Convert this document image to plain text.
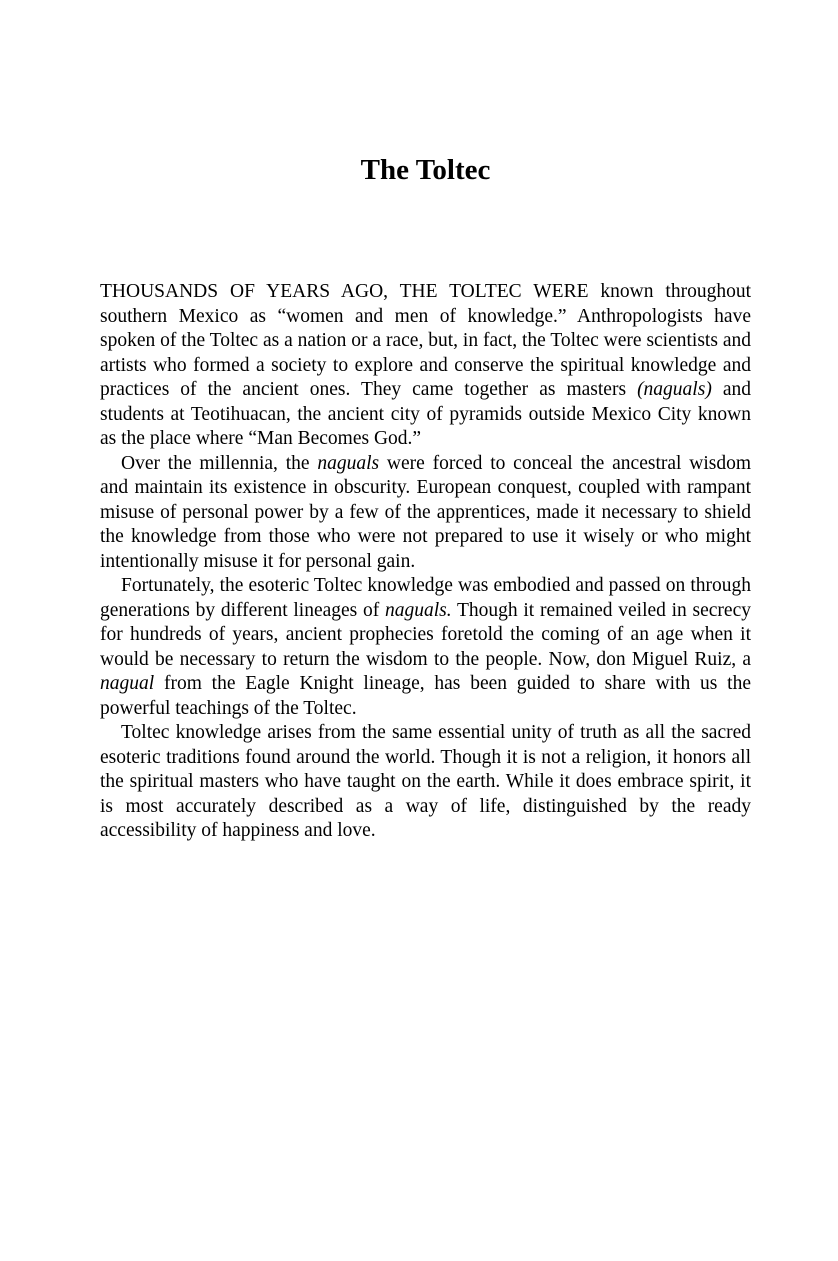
The Toltec

THOUSANDS OF YEARS AGO, THE TOLTEC WERE known throughout southern Mexico as “women and men of knowledge.” Anthropologists have spoken of the Toltec as a nation or a race, but, in fact, the Toltec were scientists and artists who formed a society to explore and conserve the spiritual knowledge and practices of the ancient ones. They came together as masters (naguals) and students at Teotihuacan, the ancient city of pyramids outside Mexico City known as the place where “Man Becomes God.”

Over the millennia, the naguals were forced to conceal the ancestral wisdom and maintain its existence in obscurity. European conquest, coupled with rampant misuse of personal power by a few of the apprentices, made it necessary to shield the knowledge from those who were not prepared to use it wisely or who might intentionally misuse it for personal gain.

Fortunately, the esoteric Toltec knowledge was embodied and passed on through generations by different lineages of naguals. Though it remained veiled in secrecy for hundreds of years, ancient prophecies foretold the coming of an age when it would be necessary to return the wisdom to the people. Now, don Miguel Ruiz, a nagual from the Eagle Knight lineage, has been guided to share with us the powerful teachings of the Toltec.

Toltec knowledge arises from the same essential unity of truth as all the sacred esoteric traditions found around the world. Though it is not a religion, it honors all the spiritual masters who have taught on the earth. While it does embrace spirit, it is most accurately described as a way of life, distinguished by the ready accessibility of happiness and love.
